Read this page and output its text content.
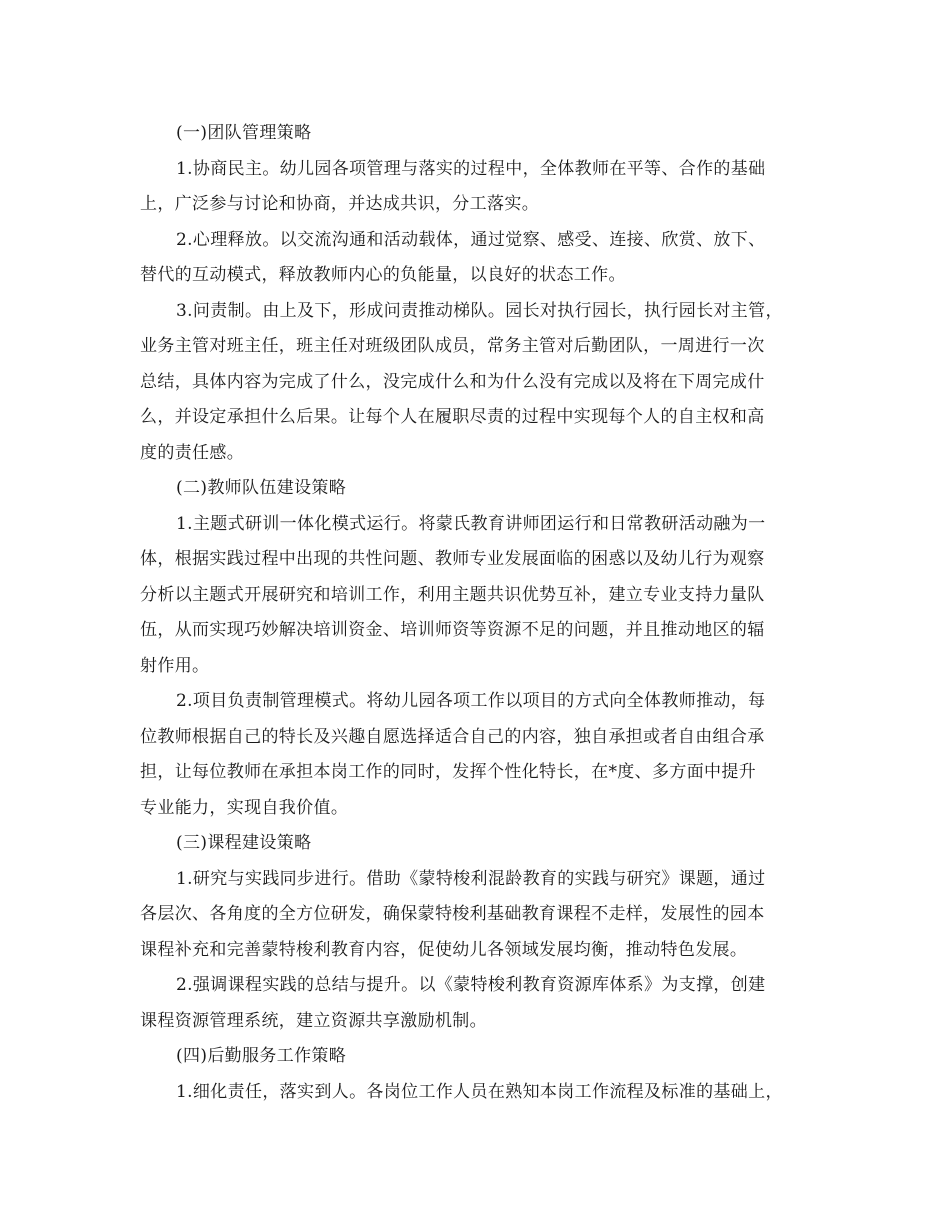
(一)团队管理策略
1.协商民主。幼儿园各项管理与落实的过程中，全体教师在平等、合作的基础
上，广泛参与讨论和协商，并达成共识，分工落实。
2.心理释放。以交流沟通和活动载体，通过觉察、感受、连接、欣赏、放下、
替代的互动模式，释放教师内心的负能量，以良好的状态工作。
3.问责制。由上及下，形成问责推动梯队。园长对执行园长，执行园长对主管，
业务主管对班主任，班主任对班级团队成员，常务主管对后勤团队，一周进行一次
总结，具体内容为完成了什么，没完成什么和为什么没有完成以及将在下周完成什
么，并设定承担什么后果。让每个人在履职尽责的过程中实现每个人的自主权和高
度的责任感。
(二)教师队伍建设策略
1.主题式研训一体化模式运行。将蒙氏教育讲师团运行和日常教研活动融为一
体，根据实践过程中出现的共性问题、教师专业发展面临的困惑以及幼儿行为观察
分析以主题式开展研究和培训工作，利用主题共识优势互补，建立专业支持力量队
伍，从而实现巧妙解决培训资金、培训师资等资源不足的问题，并且推动地区的辐
射作用。
2.项目负责制管理模式。将幼儿园各项工作以项目的方式向全体教师推动，每
位教师根据自己的特长及兴趣自愿选择适合自己的内容，独自承担或者自由组合承
担，让每位教师在承担本岗工作的同时，发挥个性化特长，在*度、多方面中提升
专业能力，实现自我价值。
(三)课程建设策略
1.研究与实践同步进行。借助《蒙特梭利混龄教育的实践与研究》课题，通过
各层次、各角度的全方位研发，确保蒙特梭利基础教育课程不走样，发展性的园本
课程补充和完善蒙特梭利教育内容，促使幼儿各领域发展均衡，推动特色发展。
2.强调课程实践的总结与提升。以《蒙特梭利教育资源库体系》为支撑，创建
课程资源管理系统，建立资源共享激励机制。
(四)后勤服务工作策略
1.细化责任，落实到人。各岗位工作人员在熟知本岗工作流程及标准的基础上，
